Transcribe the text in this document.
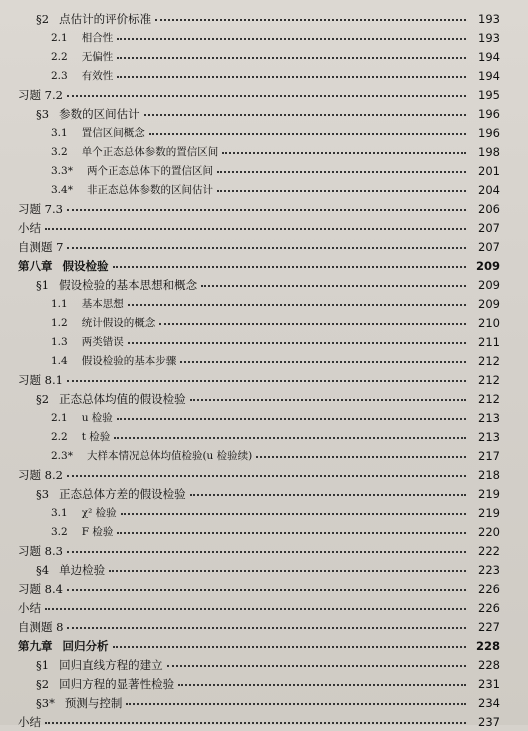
§2 点估计的评价标准	193
2.1 相合性	193
2.2 无偏性	194
2.3 有效性	194
习题 7.2	195
§3 参数的区间估计	196
3.1 置信区间概念	196
3.2 单个正态总体参数的置信区间	198
3.3* 两个正态总体下的置信区间	201
3.4* 非正态总体参数的区间估计	204
习题 7.3	206
小结	207
自测题 7	207
第八章 假设检验	209
§1 假设检验的基本思想和概念	209
1.1 基本思想	209
1.2 统计假设的概念	210
1.3 两类错误	211
1.4 假设检验的基本步骤	212
习题 8.1	212
§2 正态总体均值的假设检验	212
2.1 u 检验	213
2.2 t 检验	213
2.3* 大样本情况总体均值检验(u 检验续)	217
习题 8.2	218
§3 正态总体方差的假设检验	219
3.1 χ² 检验	219
3.2 F 检验	220
习题 8.3	222
§4 单边检验	223
习题 8.4	226
小结	226
自测题 8	227
第九章 回归分析	228
§1 回归直线方程的建立	228
§2 回归方程的显著性检验	231
§3* 预测与控制	234
小结	237
